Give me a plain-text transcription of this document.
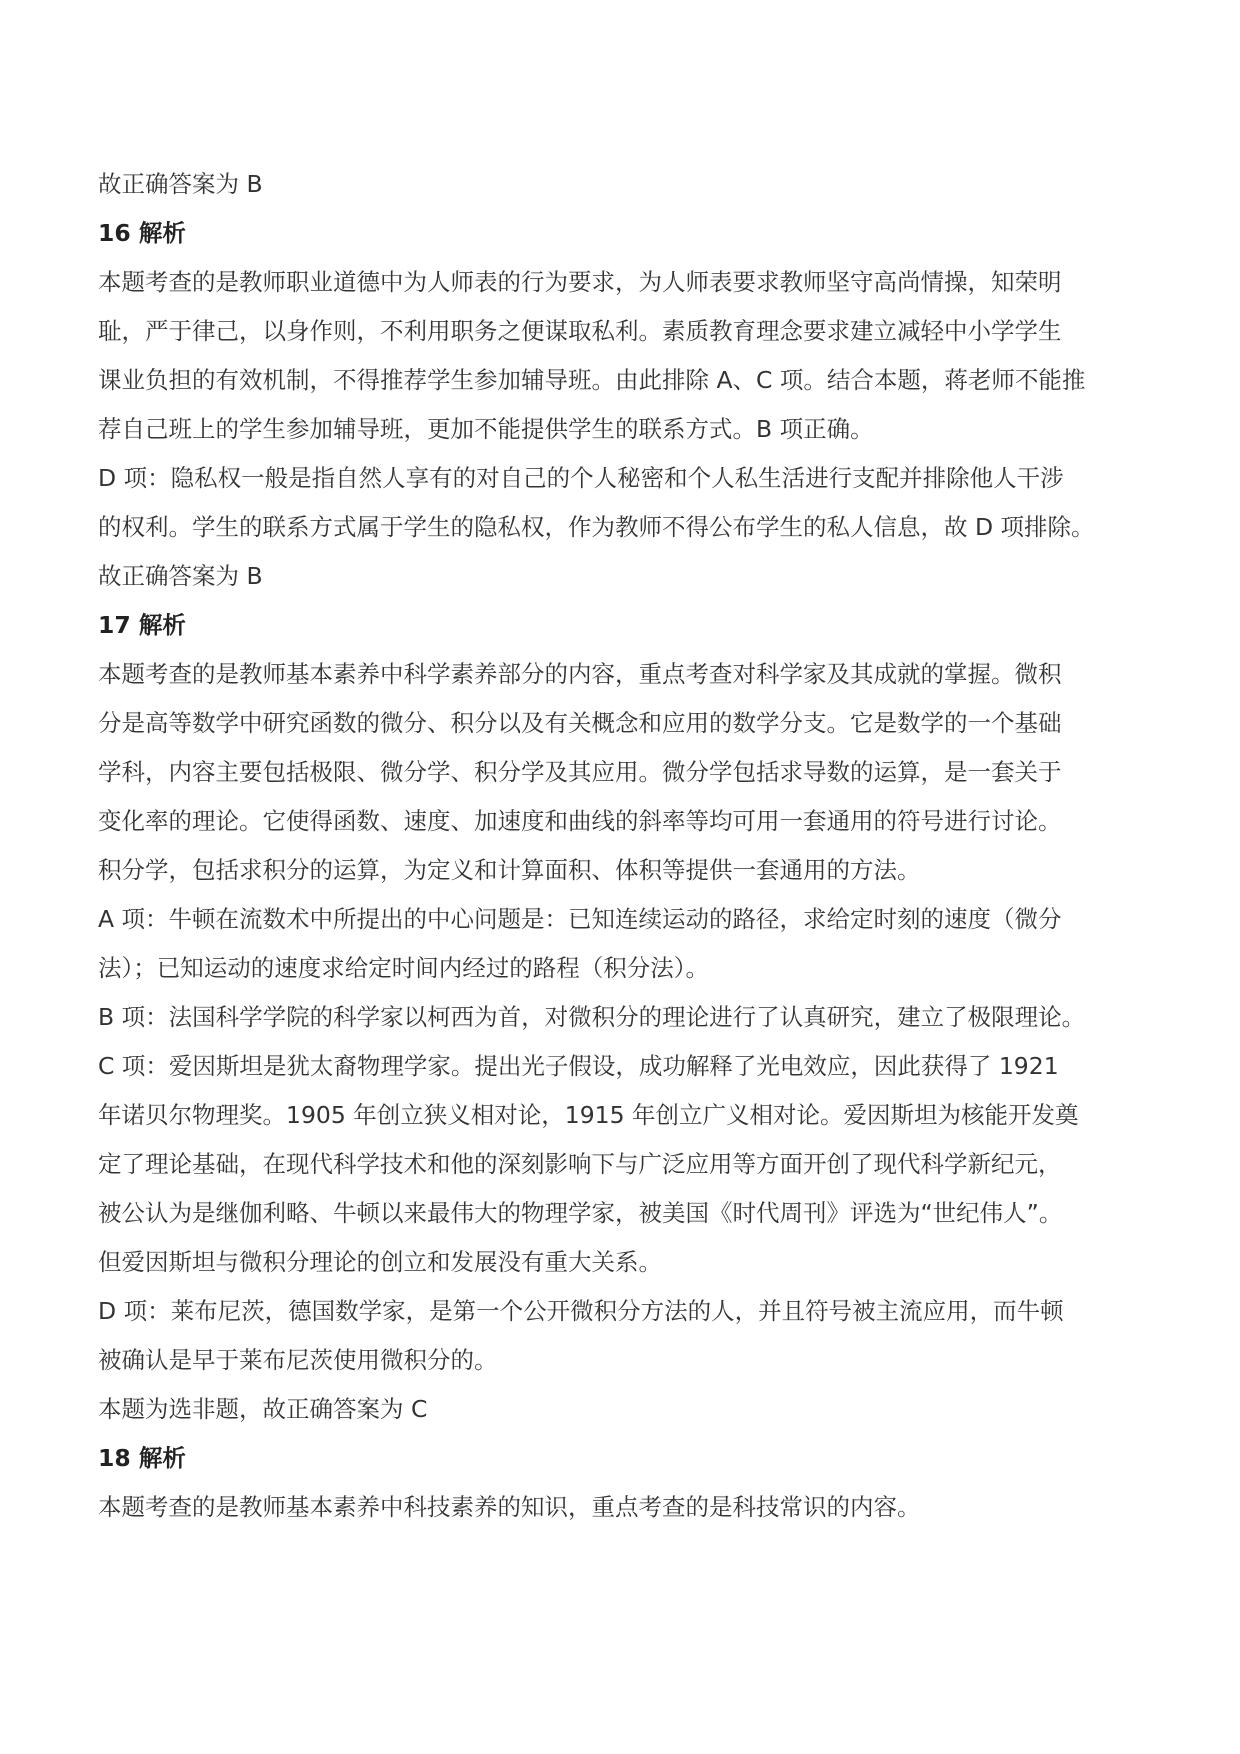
故正确答案为 B

16 解析

本题考查的是教师职业道德中为人师表的行为要求，为人师表要求教师坚守高尚情操，知荣明

耻，严于律己，以身作则，不利用职务之便谋取私利。素质教育理念要求建立减轻中小学学生

课业负担的有效机制，不得推荐学生参加辅导班。由此排除 A、C 项。结合本题，蒋老师不能推

荐自己班上的学生参加辅导班，更加不能提供学生的联系方式。B 项正确。

D 项：隐私权一般是指自然人享有的对自己的个人秘密和个人私生活进行支配并排除他人干涉

的权利。学生的联系方式属于学生的隐私权，作为教师不得公布学生的私人信息，故 D 项排除。

故正确答案为 B

17 解析

本题考查的是教师基本素养中科学素养部分的内容，重点考查对科学家及其成就的掌握。微积

分是高等数学中研究函数的微分、积分以及有关概念和应用的数学分支。它是数学的一个基础

学科，内容主要包括极限、微分学、积分学及其应用。微分学包括求导数的运算，是一套关于

变化率的理论。它使得函数、速度、加速度和曲线的斜率等均可用一套通用的符号进行讨论。

积分学，包括求积分的运算，为定义和计算面积、体积等提供一套通用的方法。

A 项：牛顿在流数术中所提出的中心问题是：已知连续运动的路径，求给定时刻的速度（微分

法）；已知运动的速度求给定时间内经过的路程（积分法）。

B 项：法国科学学院的科学家以柯西为首，对微积分的理论进行了认真研究，建立了极限理论。

C 项：爱因斯坦是犹太裔物理学家。提出光子假设，成功解释了光电效应，因此获得了 1921

年诺贝尔物理奖。1905 年创立狭义相对论，1915 年创立广义相对论。爱因斯坦为核能开发奠

定了理论基础，在现代科学技术和他的深刻影响下与广泛应用等方面开创了现代科学新纪元，

被公认为是继伽利略、牛顿以来最伟大的物理学家，被美国《时代周刊》评选为“世纪伟人”。

但爱因斯坦与微积分理论的创立和发展没有重大关系。

D 项：莱布尼茨，德国数学家，是第一个公开微积分方法的人，并且符号被主流应用，而牛顿

被确认是早于莱布尼茨使用微积分的。

本题为选非题，故正确答案为 C

18 解析

本题考查的是教师基本素养中科技素养的知识，重点考查的是科技常识的内容。
